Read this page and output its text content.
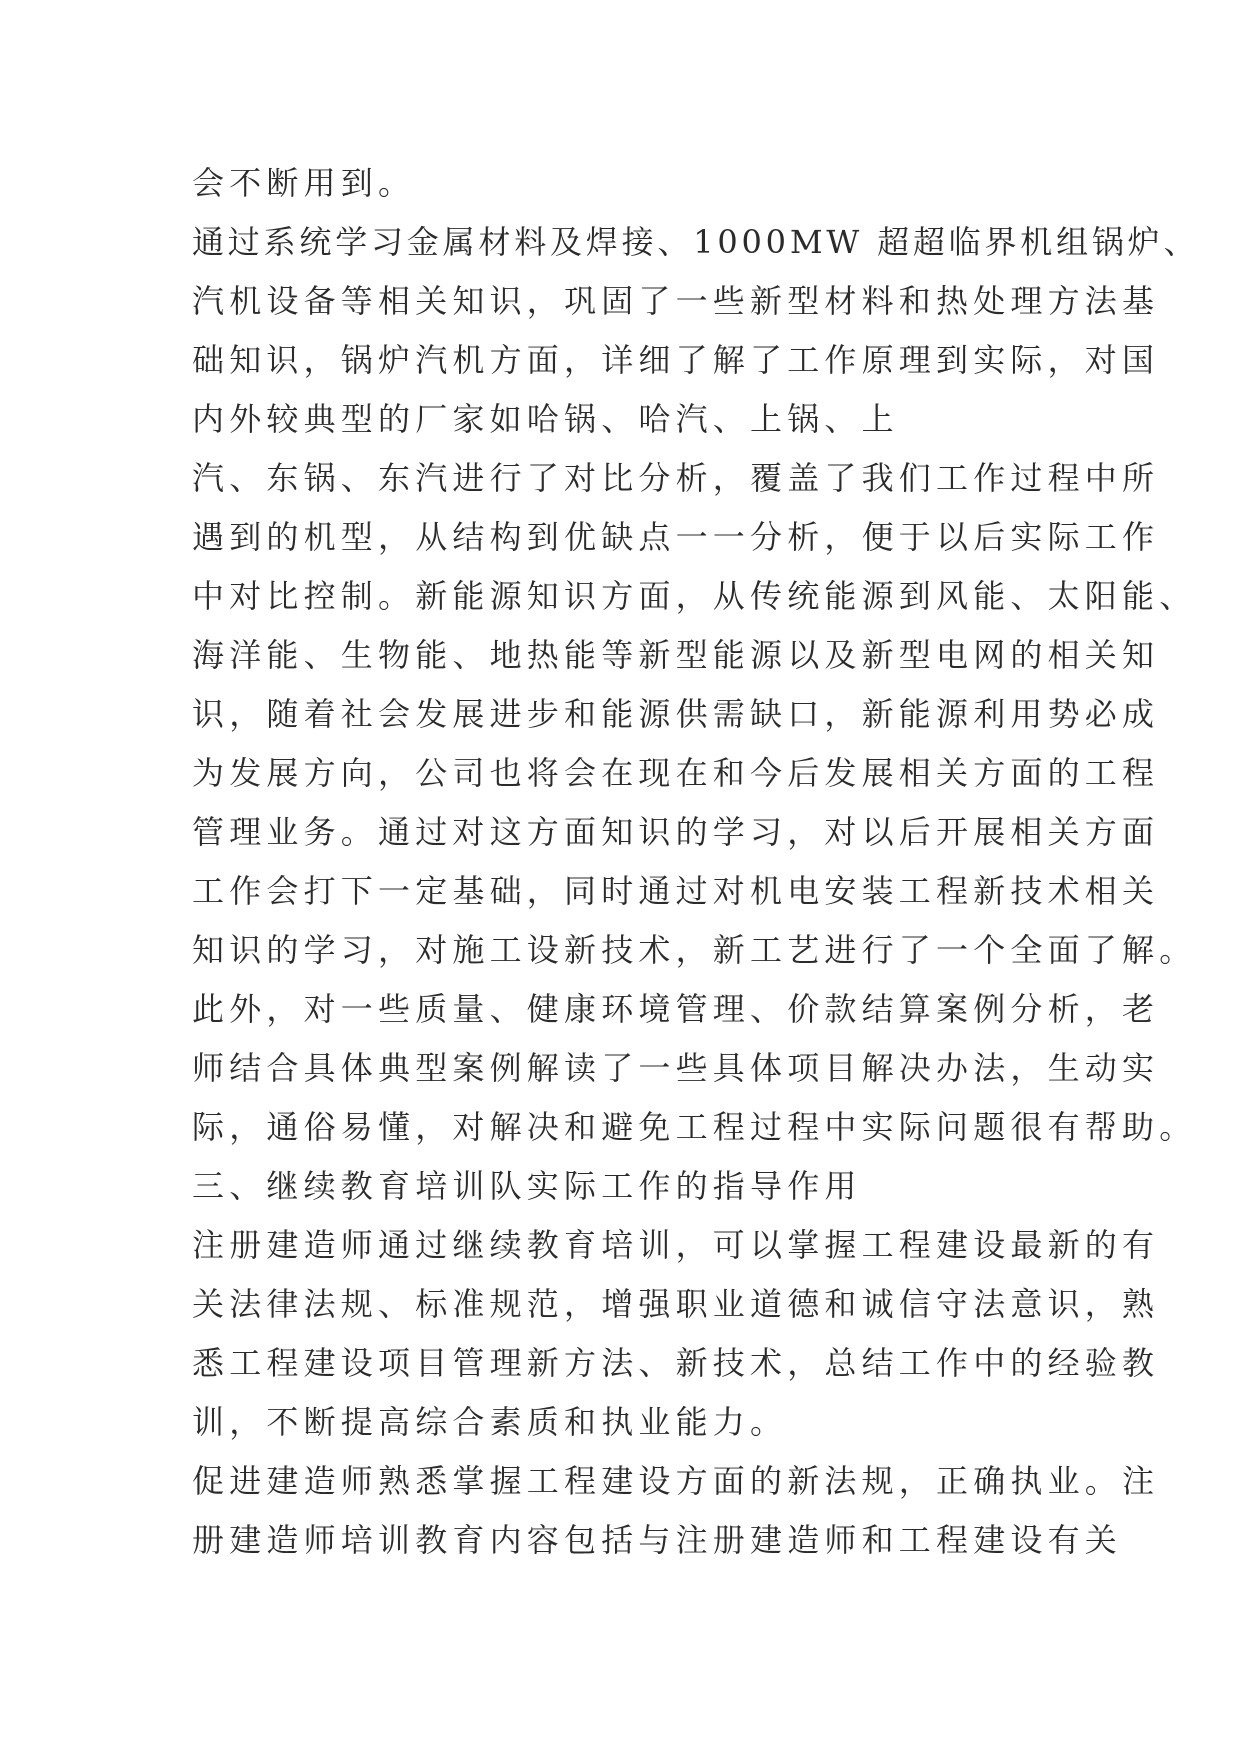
会不断用到。
通过系统学习金属材料及焊接、1000MW 超超临界机组锅炉、
汽机设备等相关知识，巩固了一些新型材料和热处理方法基
础知识，锅炉汽机方面，详细了解了工作原理到实际，对国
内外较典型的厂家如哈锅、哈汽、上锅、上
汽、东锅、东汽进行了对比分析，覆盖了我们工作过程中所
遇到的机型，从结构到优缺点一一分析，便于以后实际工作
中对比控制。新能源知识方面，从传统能源到风能、太阳能、
海洋能、生物能、地热能等新型能源以及新型电网的相关知
识，随着社会发展进步和能源供需缺口，新能源利用势必成
为发展方向，公司也将会在现在和今后发展相关方面的工程
管理业务。通过对这方面知识的学习，对以后开展相关方面
工作会打下一定基础，同时通过对机电安装工程新技术相关
知识的学习，对施工设新技术，新工艺进行了一个全面了解。
此外，对一些质量、健康环境管理、价款结算案例分析，老
师结合具体典型案例解读了一些具体项目解决办法，生动实
际，通俗易懂，对解决和避免工程过程中实际问题很有帮助。
三、继续教育培训队实际工作的指导作用
注册建造师通过继续教育培训，可以掌握工程建设最新的有
关法律法规、标准规范，增强职业道德和诚信守法意识，熟
悉工程建设项目管理新方法、新技术，总结工作中的经验教
训，不断提高综合素质和执业能力。
促进建造师熟悉掌握工程建设方面的新法规，正确执业。注
册建造师培训教育内容包括与注册建造师和工程建设有关
